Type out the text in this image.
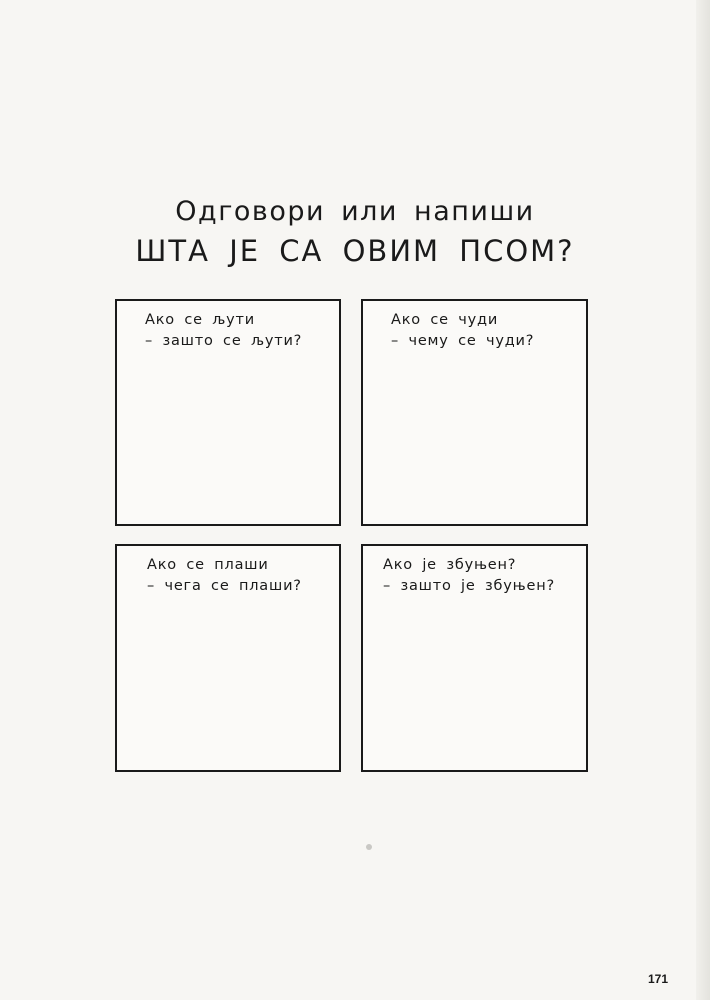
Одговори или напиши
ШТА ЈЕ СА ОВИМ ПСОМ?
Ако се љути
– зашто се љути?
Ако се чуди
– чему се чуди?
Ако се плаши
– чега се плаши?
Ако је збуњен?
– зашто је збуњен?
171
